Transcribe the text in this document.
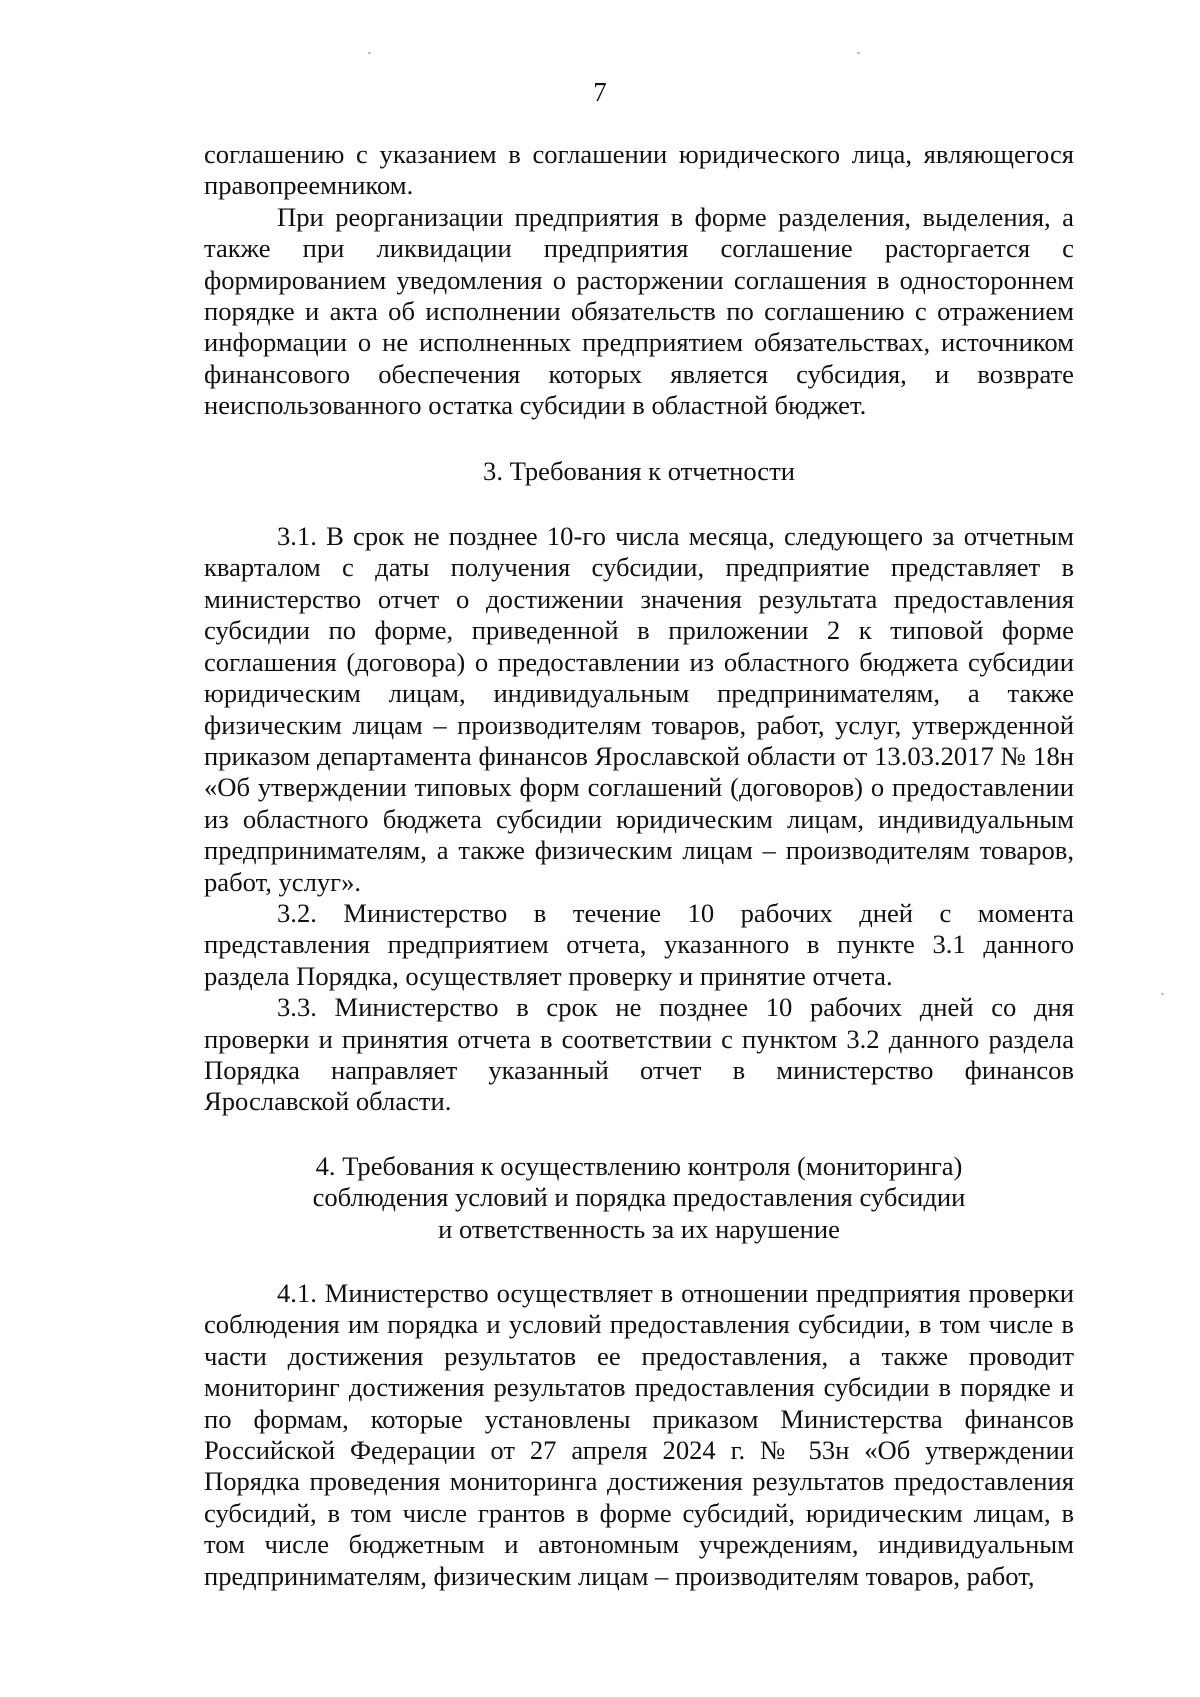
7

соглашению с указанием в соглашении юридического лица, являющегося правопреемником.

При реорганизации предприятия в форме разделения, выделения, а также при ликвидации предприятия соглашение расторгается с формированием уведомления о расторжении соглашения в одностороннем порядке и акта об исполнении обязательств по соглашению с отражением информации о не исполненных предприятием обязательствах, источником финансового обеспечения которых является субсидия, и возврате неиспользованного остатка субсидии в областной бюджет.

3. Требования к отчетности

3.1. В срок не позднее 10-го числа месяца, следующего за отчетным кварталом с даты получения субсидии, предприятие представляет в министерство отчет о достижении значения результата предоставления субсидии по форме, приведенной в приложении 2 к типовой форме соглашения (договора) о предоставлении из областного бюджета субсидии юридическим лицам, индивидуальным предпринимателям, а также физическим лицам – производителям товаров, работ, услуг, утвержденной приказом департамента финансов Ярославской области от 13.03.2017 № 18н «Об утверждении типовых форм соглашений (договоров) о предоставлении из областного бюджета субсидии юридическим лицам, индивидуальным предпринимателям, а также физическим лицам – производителям товаров, работ, услуг».

3.2. Министерство в течение 10 рабочих дней с момента представления предприятием отчета, указанного в пункте 3.1 данного раздела Порядка, осуществляет проверку и принятие отчета.

3.3. Министерство в срок не позднее 10 рабочих дней со дня проверки и принятия отчета в соответствии с пунктом 3.2 данного раздела Порядка направляет указанный отчет в министерство финансов Ярославской области.

4. Требования к осуществлению контроля (мониторинга)
соблюдения условий и порядка предоставления субсидии
и ответственность за их нарушение

4.1. Министерство осуществляет в отношении предприятия проверки соблюдения им порядка и условий предоставления субсидии, в том числе в части достижения результатов ее предоставления, а также проводит мониторинг достижения результатов предоставления субсидии в порядке и по формам, которые установлены приказом Министерства финансов Российской Федерации от 27 апреля 2024 г. № 53н «Об утверждении Порядка проведения мониторинга достижения результатов предоставления субсидий, в том числе грантов в форме субсидий, юридическим лицам, в том числе бюджетным и автономным учреждениям, индивидуальным предпринимателям, физическим лицам – производителям товаров, работ,
